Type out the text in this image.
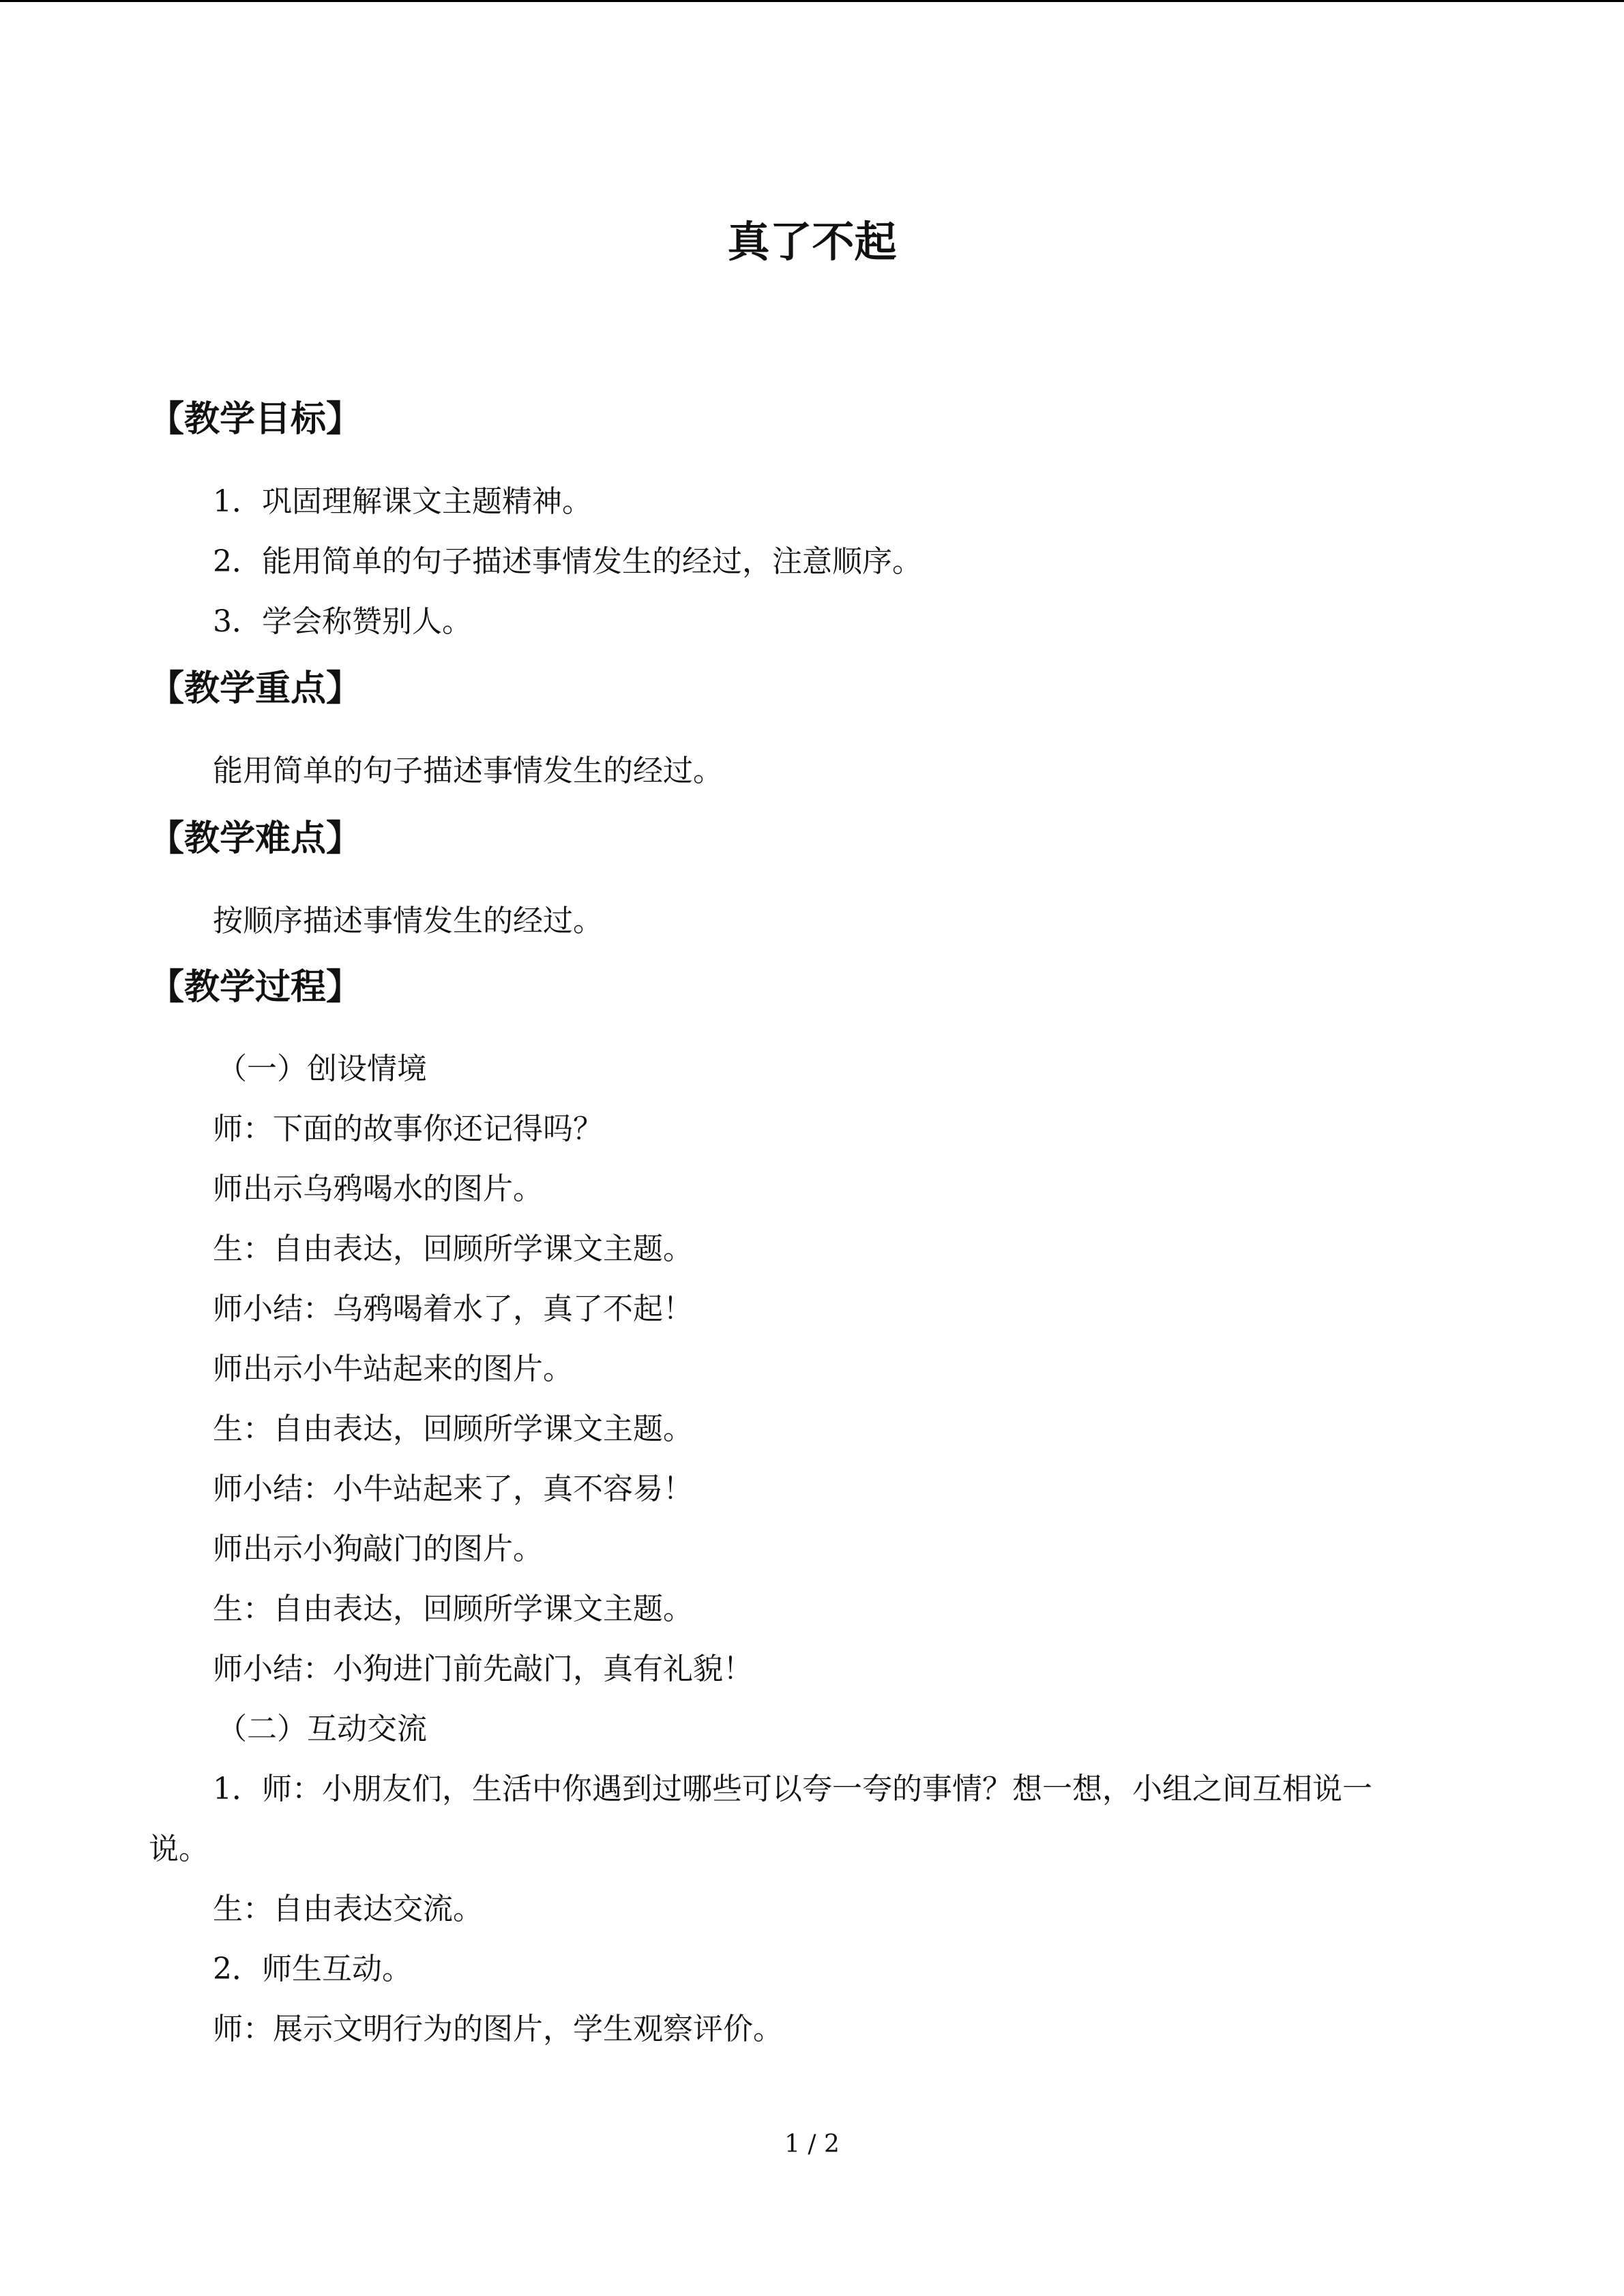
真了不起
【教学目标】
1．巩固理解课文主题精神。
2．能用简单的句子描述事情发生的经过，注意顺序。
3．学会称赞别人。
【教学重点】
能用简单的句子描述事情发生的经过。
【教学难点】
按顺序描述事情发生的经过。
【教学过程】
（一）创设情境
师：下面的故事你还记得吗？
师出示乌鸦喝水的图片。
生：自由表达，回顾所学课文主题。
师小结：乌鸦喝着水了，真了不起！
师出示小牛站起来的图片。
生：自由表达，回顾所学课文主题。
师小结：小牛站起来了，真不容易！
师出示小狗敲门的图片。
生：自由表达，回顾所学课文主题。
师小结：小狗进门前先敲门，真有礼貌！
（二）互动交流
1．师：小朋友们，生活中你遇到过哪些可以夸一夸的事情？想一想，小组之间互相说一
说。
生：自由表达交流。
2．师生互动。
师：展示文明行为的图片，学生观察评价。
1 / 2
